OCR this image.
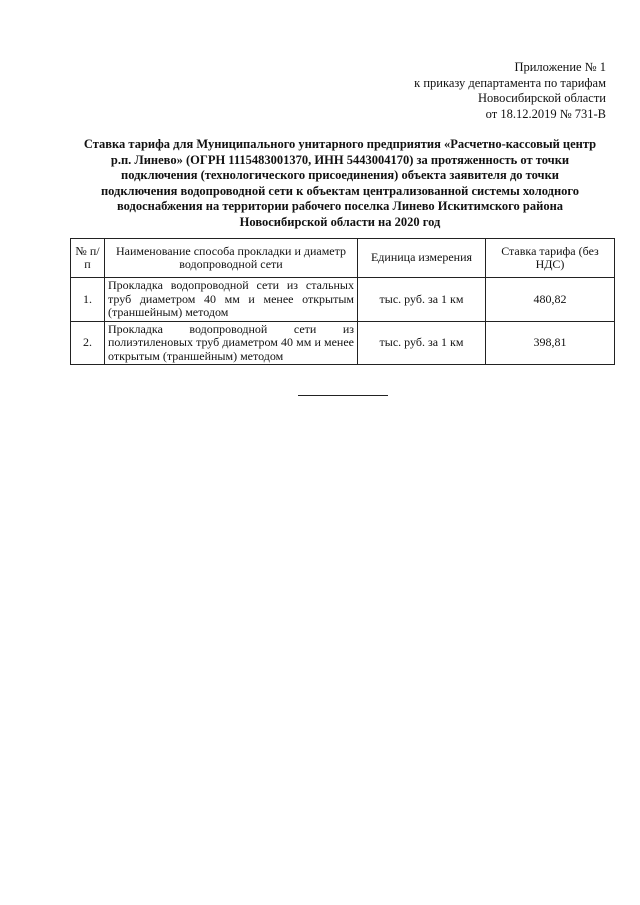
Приложение № 1
к приказу департамента по тарифам
Новосибирской области
от 18.12.2019 № 731-В
Ставка тарифа для Муниципального унитарного предприятия «Расчетно-кассовый центр
р.п. Линево» (ОГРН 1115483001370, ИНН 5443004170) за протяженность от точки
подключения (технологического присоединения) объекта заявителя до точки
подключения водопроводной сети к объектам централизованной системы холодного
водоснабжения на территории рабочего поселка Линево Искитимского района
Новосибирской области на 2020 год
№ п/п	Наименование способа прокладки и диаметр водопроводной сети	Единица измерения	Ставка тарифа (без НДС)
1.	Прокладка водопроводной сети из стальных труб диаметром 40 мм и менее открытым (траншейным) методом	тыс. руб. за 1 км	480,82
2.	Прокладка водопроводной сети из полиэтиленовых труб диаметром 40 мм и менее открытым (траншейным) методом	тыс. руб. за 1 км	398,81
